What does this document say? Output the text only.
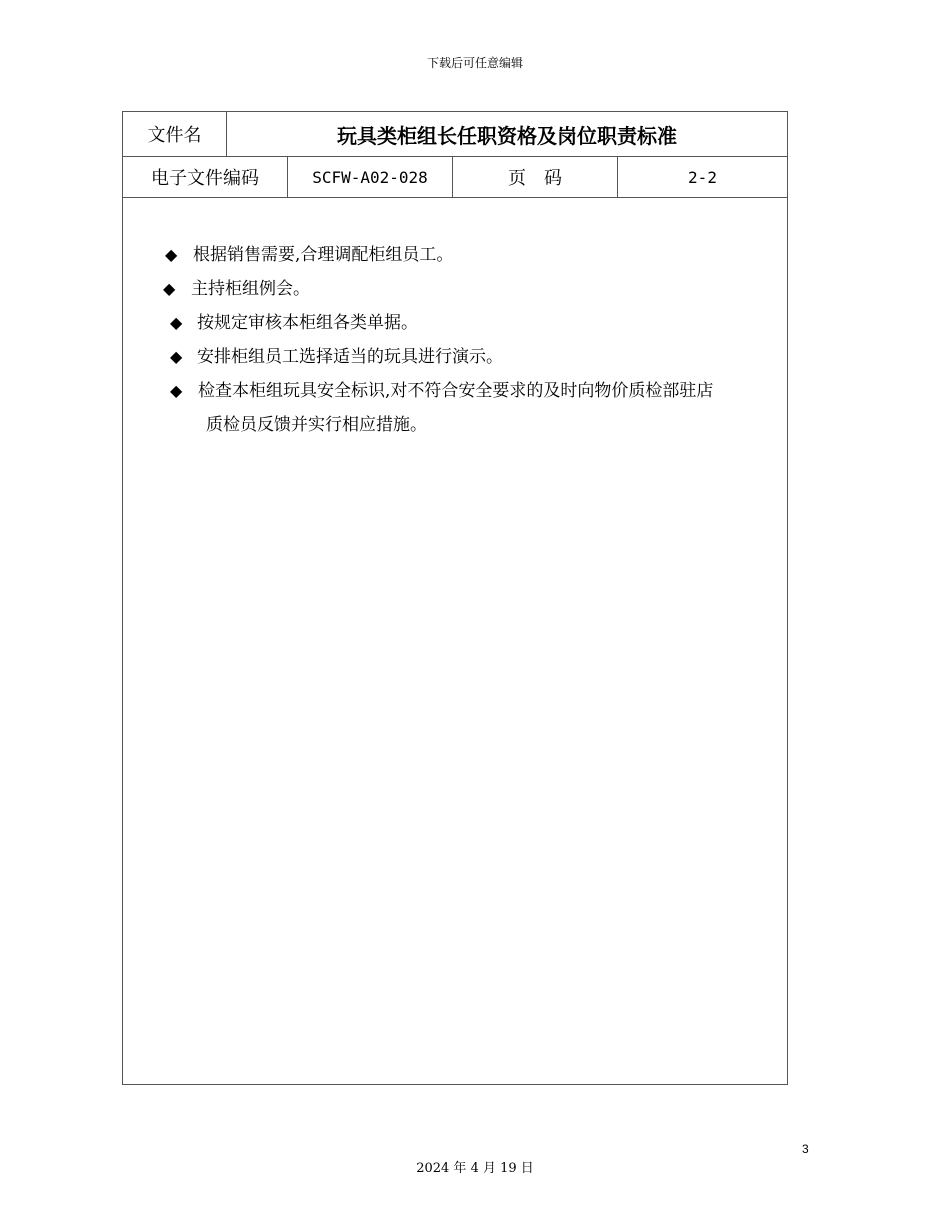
下载后可任意编辑
文件名	玩具类柜组长任职资格及岗位职责标准
电子文件编码	SCFW-A02-028	页　码	2-2
◆ 根据销售需要,合理调配柜组员工。
◆ 主持柜组例会。
◆ 按规定审核本柜组各类单据。
◆ 安排柜组员工选择适当的玩具进行演示。
◆ 检查本柜组玩具安全标识,对不符合安全要求的及时向物价质检部驻店
质检员反馈并实行相应措施。
3
2024 年 4 月 19 日
